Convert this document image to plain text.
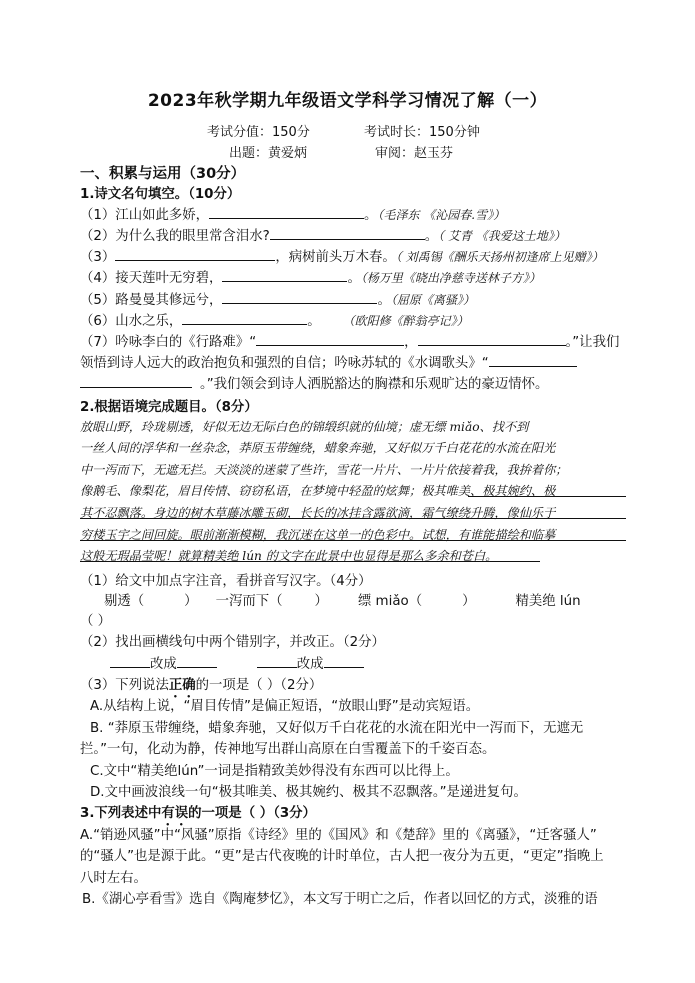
2023年秋学期九年级语文学科学习情况了解（一）
考试分值：150分	考试时长：150分钟
出题：黄爱炳	审阅：赵玉芬
一、积累与运用（30分）
1.诗文名句填空。（10分）
（1）江山如此多娇，	。（毛泽东 《沁园春.雪》）
（2）为什么我的眼里常含泪水?	。（ 艾青 《我爱这土地》）
（3）	，病树前头万木春。（ 刘禹锡《酬乐天扬州初逢席上见赠》）
（4）接天莲叶无穷碧，	。（杨万里《晓出净慈寺送林子方》）
（5）路曼曼其修远兮，	。（屈原《离骚》）
（6）山水之乐，	。 （欧阳修《醉翁亭记》）
（7）吟咏李白的《行路难》“	，	。”让我们
领悟到诗人远大的政治抱负和强烈的自信；吟咏苏轼的《水调歌头》“
。”我们领会到诗人洒脱豁达的胸襟和乐观旷达的豪迈情怀。
2.根据语境完成题目。（8分）
放眼山野，玲珑剔透，好似无边无际白色的锦缎织就的仙境；虚无缥 miǎo、找不到
一丝人间的浮华和一丝杂念，莽原玉带缠绕，蜡象奔驰，又好似万千白花花的水流在阳光
中一泻而下，无遮无拦。天淡淡的迷蒙了些许，雪花一片片、一片片依接着我，我拚着你；
像鹅毛、像梨花，眉目传情、窃窃私语，在梦境中轻盈的炫舞；极其唯美、极其婉约、极
其不忍飘落。身边的树木草藤冰雕玉砌，长长的冰挂含露欲滴，霜气缭绕升腾，像仙乐于
穷楼玉宇之间回旋。眼前渐渐模糊，我沉迷在这单一的色彩中。试想，有谁能描绘和临摹
这般无瑕晶莹呢！就算精美绝 lún 的文字在此景中也显得是那么多余和苍白。
（1）给文中加点字注音，看拼音写汉字。（4分）
剔透（	） 一泻而下（ ） 缥 miǎo（	）	精美绝 lún
（ ）
（2）找出画横线句中两个错别字，并改正。（2分）
改成	改成
（3）下列说法正确的一项是（ ）（2分）
A.从结构上说，“眉目传情”是偏正短语，“放眼山野”是动宾短语。
B. “莽原玉带缠绕，蜡象奔驰，又好似万千白花花的水流在阳光中一泻而下，无遮无
拦。”一句，化动为静，传神地写出群山高原在白雪覆盖下的千姿百态。
C.文中“精美绝lún”一词是指精致美妙得没有东西可以比得上。
D.文中画波浪线一句“极其唯美、极其婉约、极其不忍飘落。”是递进复句。
3.下列表述中有误的一项是（ ）（3分）
A.“销逊风骚”中“风骚”原指《诗经》里的《国风》和《楚辞》里的《离骚》，“迁客骚人”
的“骚人”也是源于此。“更”是古代夜晚的计时单位，古人把一夜分为五更，“更定”指晚上
八时左右。
B.《湖心亭看雪》选自《陶庵梦忆》，本文写于明亡之后，作者以回忆的方式，淡雅的语
